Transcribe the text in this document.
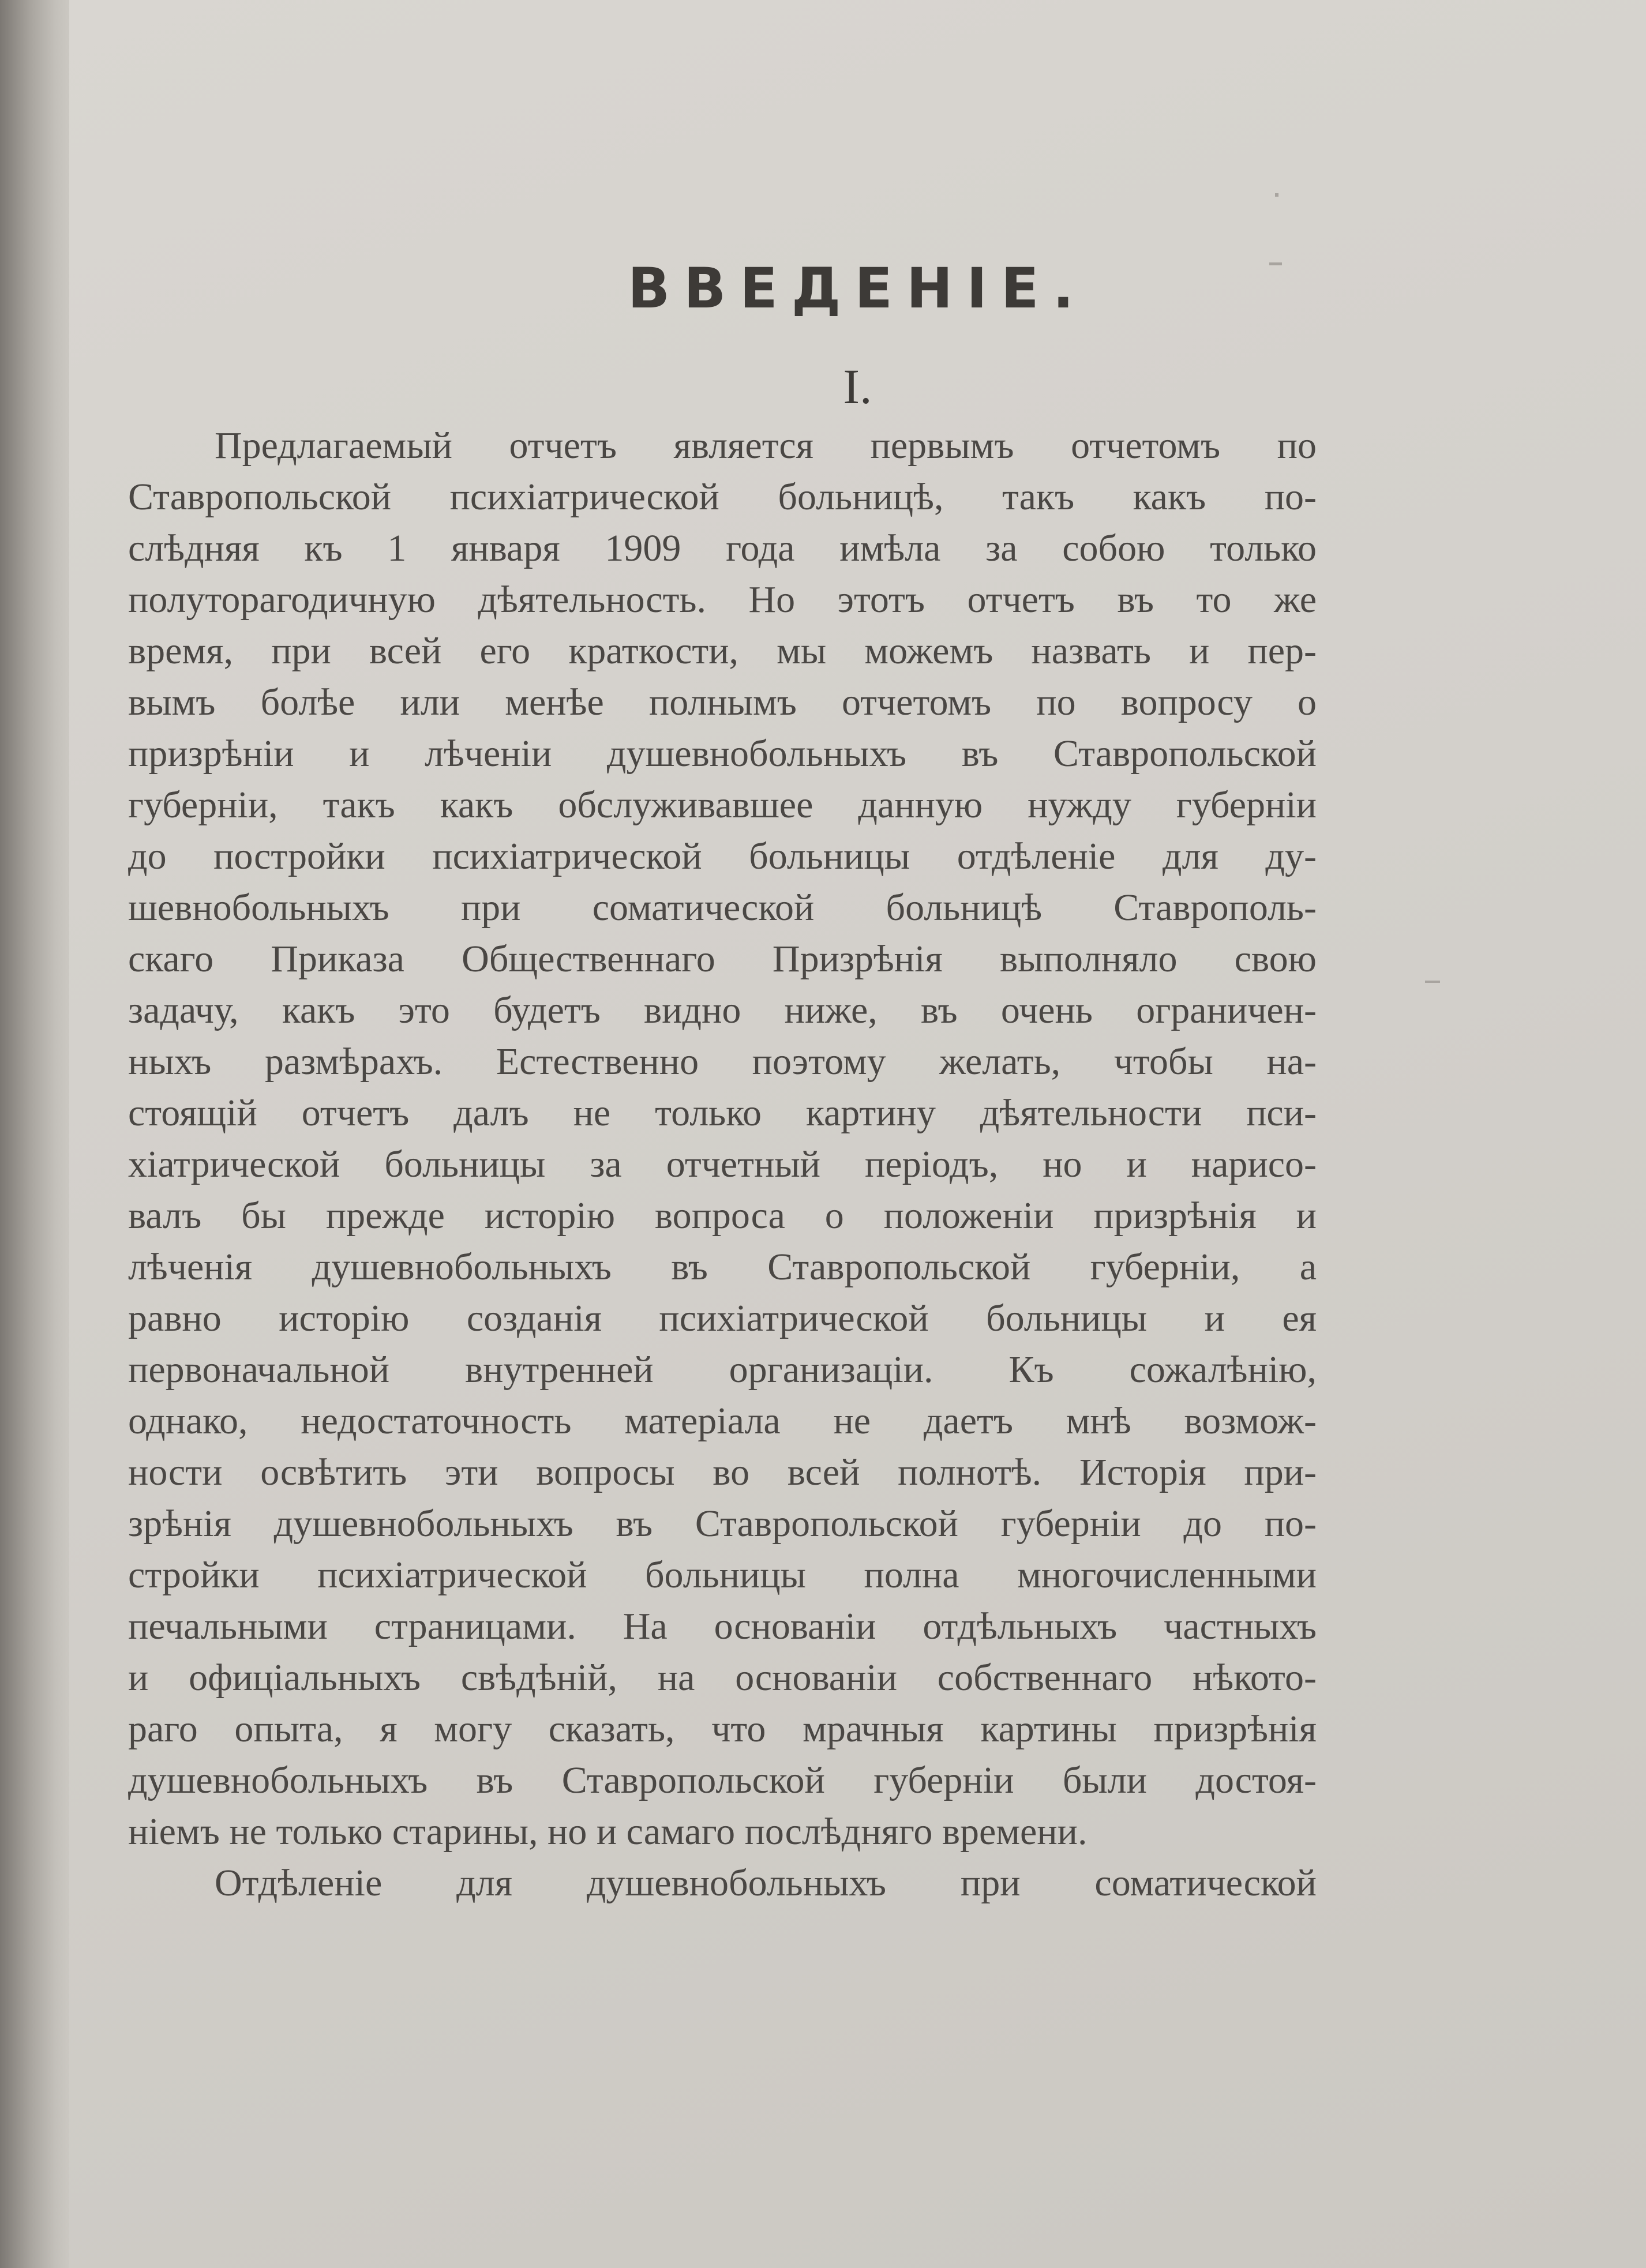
ВВЕДЕНІЕ.
I.
Предлагаемый отчетъ является первымъ отчетомъ по
Ставропольской психіатрической больницѣ, такъ какъ по-
слѣдняя къ 1 января 1909 года имѣла за собою только
полуторагодичную дѣятельность. Но этотъ отчетъ въ то же
время, при всей его краткости, мы можемъ назвать и пер-
вымъ болѣе или менѣе полнымъ отчетомъ по вопросу о
призрѣніи и лѣченіи душевнобольныхъ въ Ставропольской
губерніи, такъ какъ обслуживавшее данную нужду губерніи
до постройки психіатрической больницы отдѣленіе для ду-
шевнобольныхъ при соматической больницѣ Ставрополь-
скаго Приказа Общественнаго Призрѣнія выполняло свою
задачу, какъ это будетъ видно ниже, въ очень ограничен-
ныхъ размѣрахъ. Естественно поэтому желать, чтобы на-
стоящій отчетъ далъ не только картину дѣятельности пси-
хіатрической больницы за отчетный періодъ, но и нарисо-
валъ бы прежде исторію вопроса о положеніи призрѣнія и
лѣченія душевнобольныхъ въ Ставропольской губерніи, а
равно исторію созданія психіатрической больницы и ея
первоначальной внутренней организаціи. Къ сожалѣнію,
однако, недостаточность матеріала не даетъ мнѣ возмож-
ности освѣтить эти вопросы во всей полнотѣ. Исторія при-
зрѣнія душевнобольныхъ въ Ставропольской губерніи до по-
стройки психіатрической больницы полна многочисленными
печальными страницами. На основаніи отдѣльныхъ частныхъ
и офиціальныхъ свѣдѣній, на основаніи собственнаго нѣкото-
раго опыта, я могу сказать, что мрачныя картины призрѣнія
душевнобольныхъ въ Ставропольской губерніи были достоя-
ніемъ не только старины, но и самаго послѣдняго времени.
Отдѣленіе для душевнобольныхъ при соматической
